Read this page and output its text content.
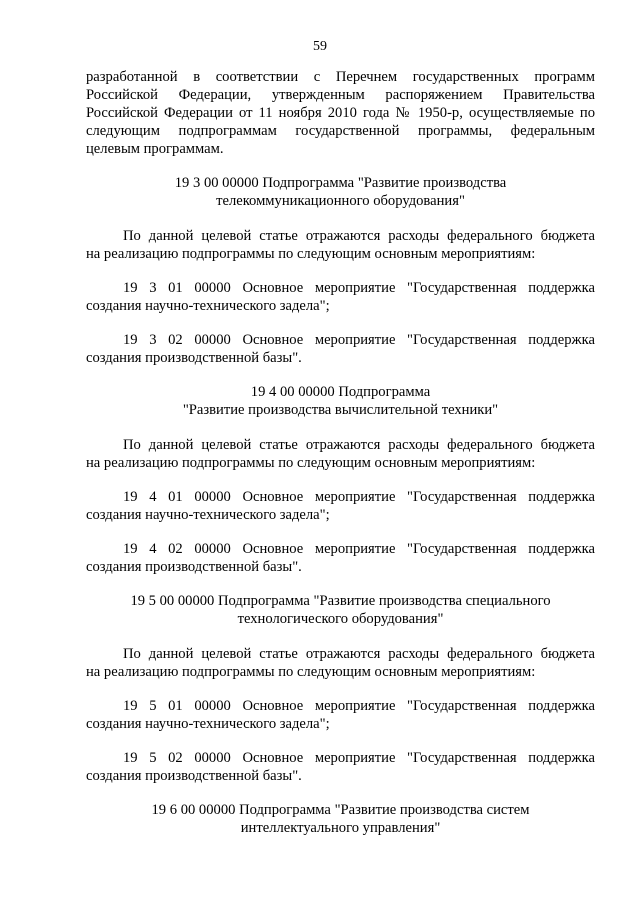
59

разработанной в соответствии с Перечнем государственных программ
Российской Федерации, утвержденным распоряжением Правительства
Российской Федерации от 11 ноября 2010 года № 1950-р, осуществляемые по
следующим подпрограммам государственной программы, федеральным
целевым программам.

19 3 00 00000 Подпрограмма "Развитие производства
телекоммуникационного оборудования"

По данной целевой статье отражаются расходы федерального бюджета
на реализацию подпрограммы по следующим основным мероприятиям:

19 3 01 00000 Основное мероприятие "Государственная поддержка
создания научно-технического задела";

19 3 02 00000 Основное мероприятие "Государственная поддержка
создания производственной базы".

19 4 00 00000 Подпрограмма
"Развитие производства вычислительной техники"

По данной целевой статье отражаются расходы федерального бюджета
на реализацию подпрограммы по следующим основным мероприятиям:

19 4 01 00000 Основное мероприятие "Государственная поддержка
создания научно-технического задела";

19 4 02 00000 Основное мероприятие "Государственная поддержка
создания производственной базы".

19 5 00 00000 Подпрограмма "Развитие производства специального
технологического оборудования"

По данной целевой статье отражаются расходы федерального бюджета
на реализацию подпрограммы по следующим основным мероприятиям:

19 5 01 00000 Основное мероприятие "Государственная поддержка
создания научно-технического задела";

19 5 02 00000 Основное мероприятие "Государственная поддержка
создания производственной базы".

19 6 00 00000 Подпрограмма "Развитие производства систем
интеллектуального управления"
